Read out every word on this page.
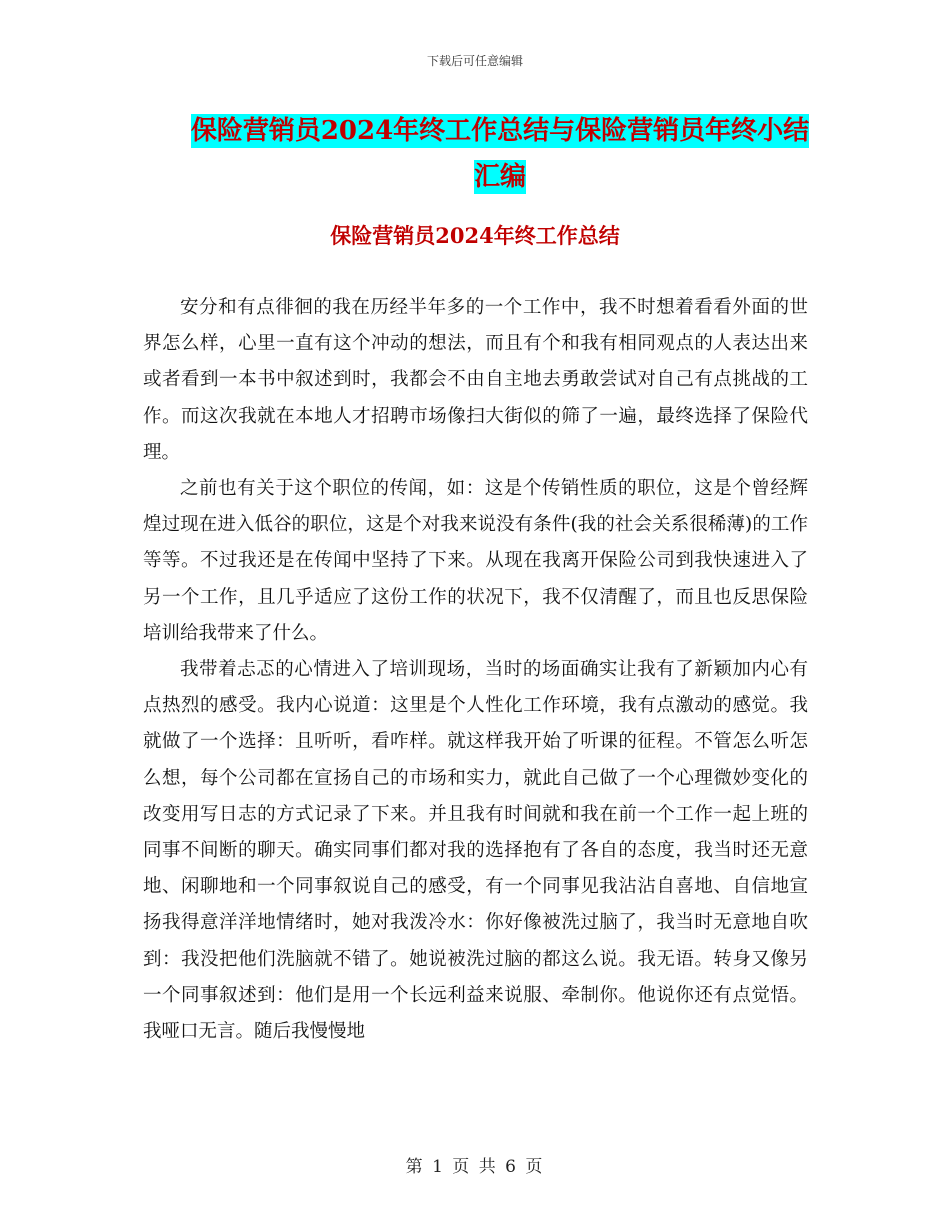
下载后可任意编辑
保险营销员2024年终工作总结与保险营销员年终小结
汇编
保险营销员2024年终工作总结

安分和有点徘徊的我在历经半年多的一个工作中，我不时想着看看外面的世界怎么样，心里一直有这个冲动的想法，而且有个和我有相同观点的人表达出来或者看到一本书中叙述到时，我都会不由自主地去勇敢尝试对自己有点挑战的工作。而这次我就在本地人才招聘市场像扫大街似的筛了一遍，最终选择了保险代理。

之前也有关于这个职位的传闻，如：这是个传销性质的职位，这是个曾经辉煌过现在进入低谷的职位，这是个对我来说没有条件(我的社会关系很稀薄)的工作等等。不过我还是在传闻中坚持了下来。从现在我离开保险公司到我快速进入了另一个工作，且几乎适应了这份工作的状况下，我不仅清醒了，而且也反思保险培训给我带来了什么。

我带着忐忑的心情进入了培训现场，当时的场面确实让我有了新颖加内心有点热烈的感受。我内心说道：这里是个人性化工作环境，我有点激动的感觉。我就做了一个选择：且听听，看咋样。就这样我开始了听课的征程。不管怎么听怎么想，每个公司都在宣扬自己的市场和实力，就此自己做了一个心理微妙变化的改变用写日志的方式记录了下来。并且我有时间就和我在前一个工作一起上班的同事不间断的聊天。确实同事们都对我的选择抱有了各自的态度，我当时还无意地、闲聊地和一个同事叙说自己的感受，有一个同事见我沾沾自喜地、自信地宣扬我得意洋洋地情绪时，她对我泼冷水：你好像被洗过脑了，我当时无意地自吹到：我没把他们洗脑就不错了。她说被洗过脑的都这么说。我无语。转身又像另一个同事叙述到：他们是用一个长远利益来说服、牵制你。他说你还有点觉悟。我哑口无言。随后我慢慢地

第 1 页 共 6 页
